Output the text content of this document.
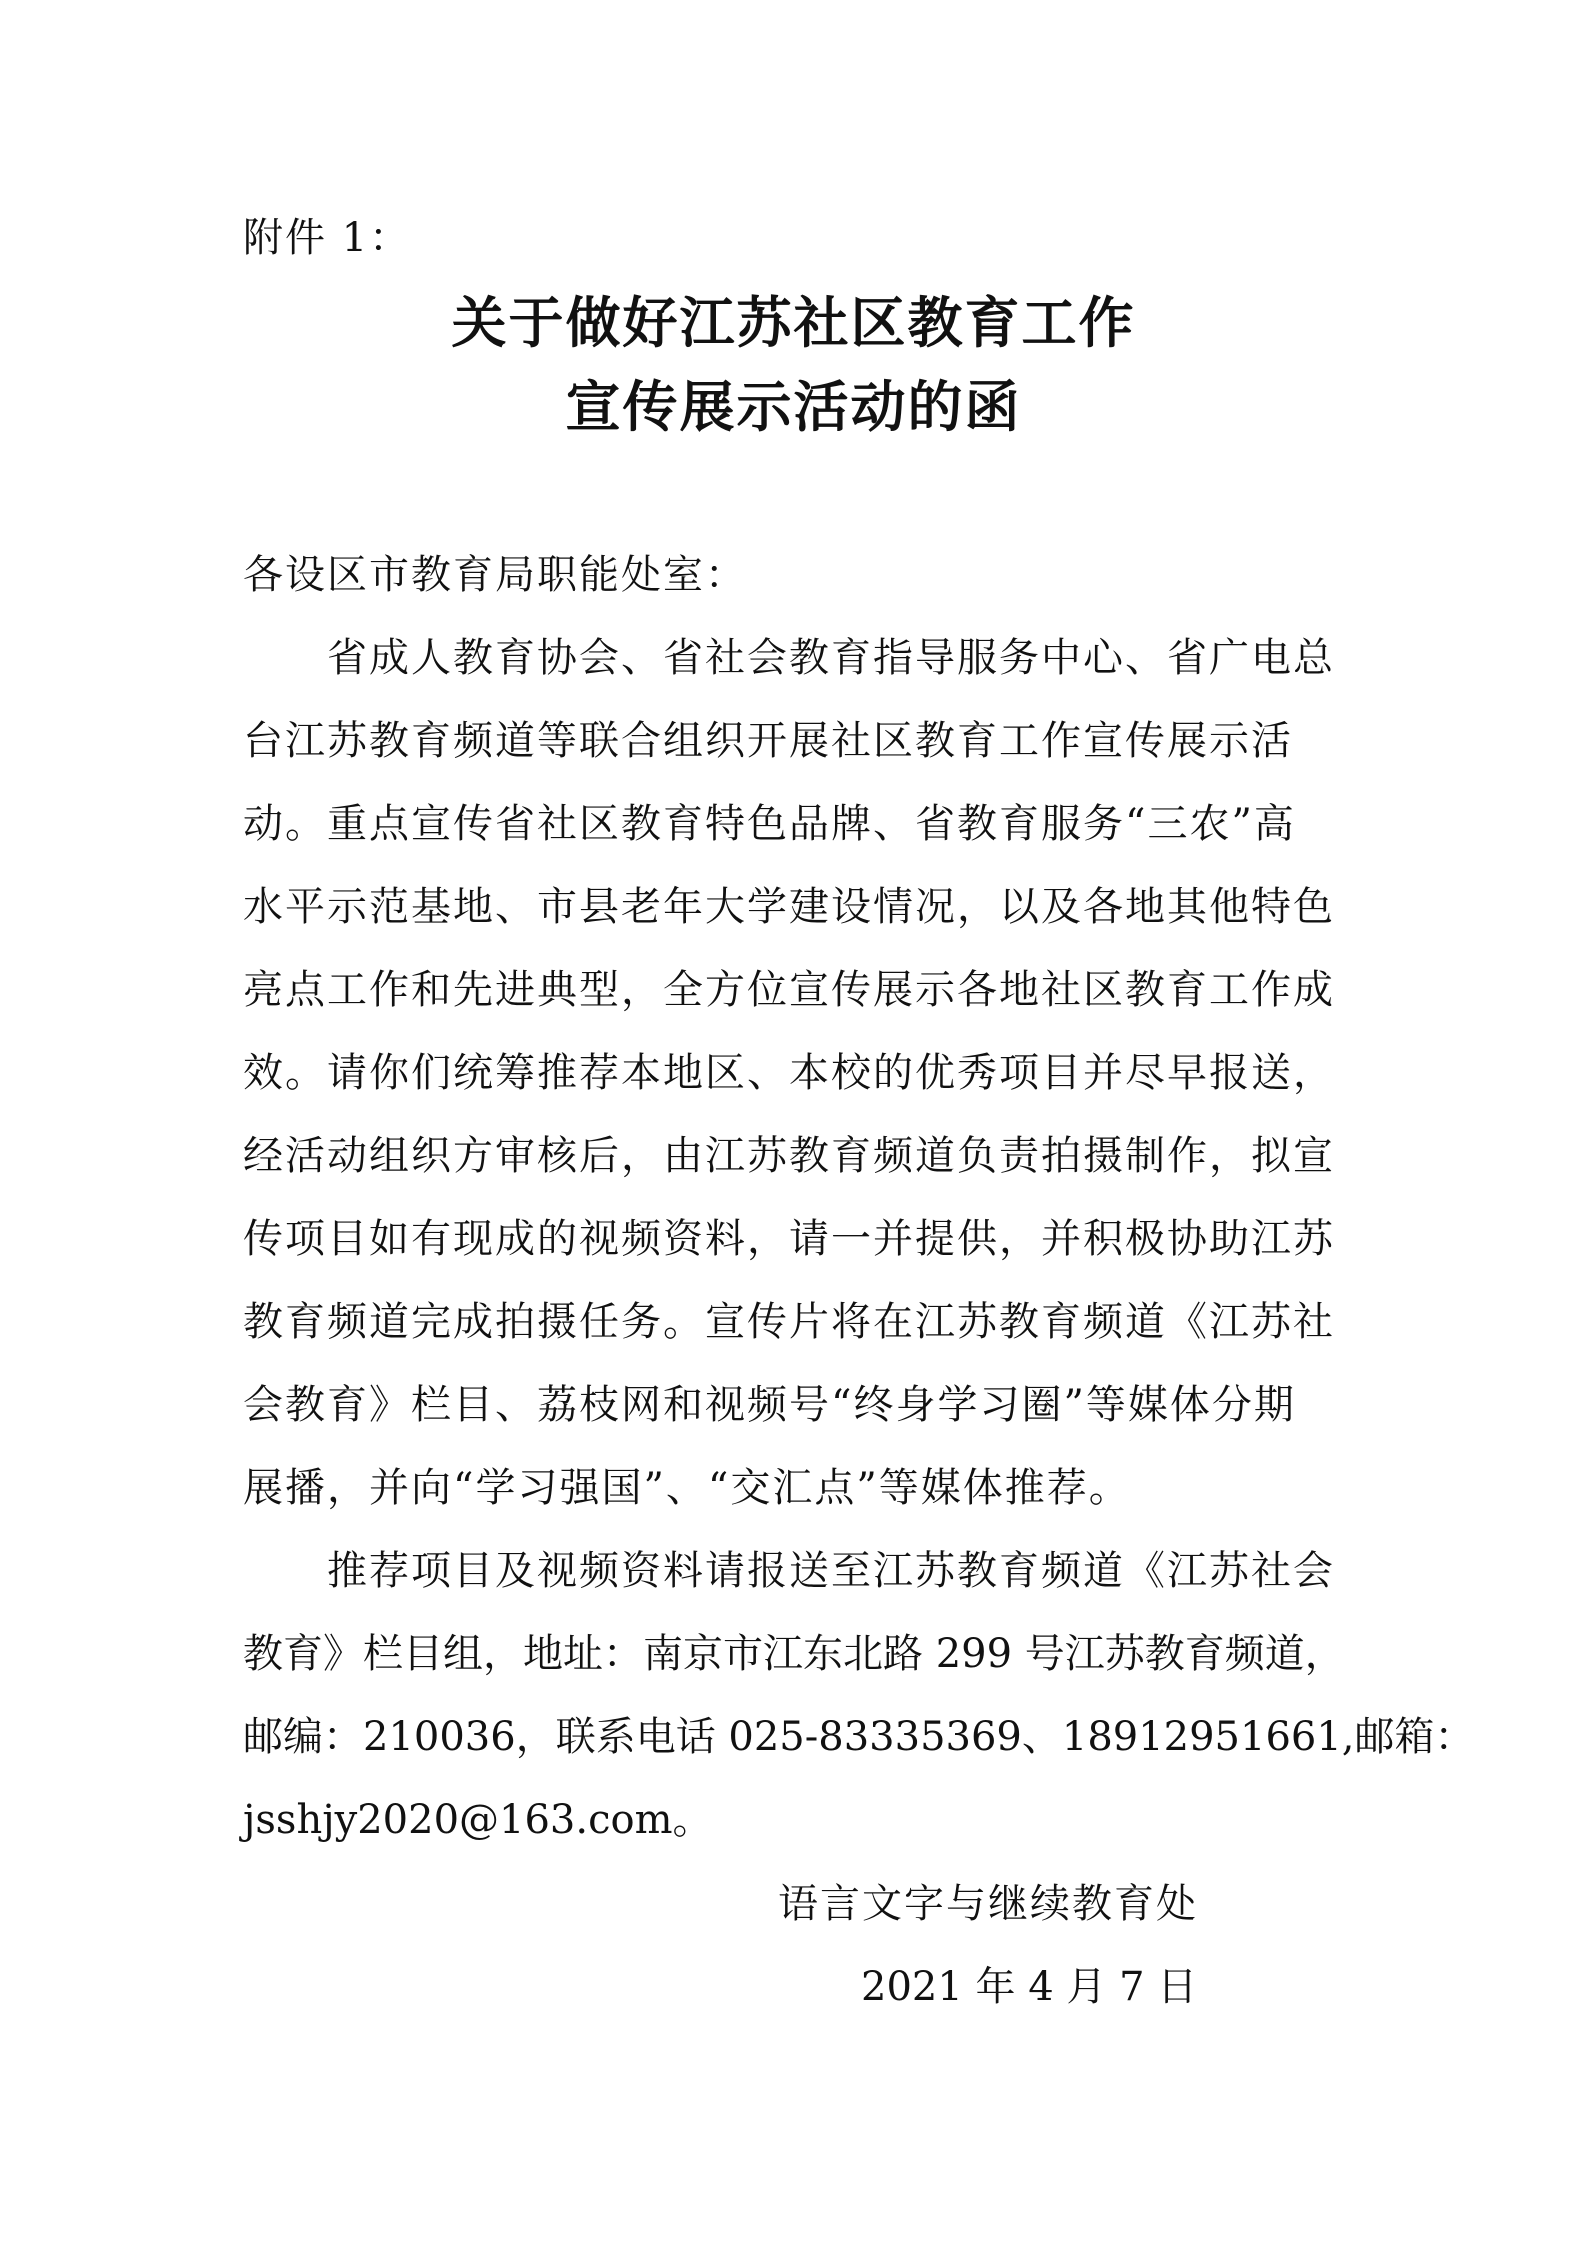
附件 1：
关于做好江苏社区教育工作
宣传展示活动的函
各设区市教育局职能处室：
省成人教育协会、省社会教育指导服务中心、省广电总
台江苏教育频道等联合组织开展社区教育工作宣传展示活
动。重点宣传省社区教育特色品牌、省教育服务“三农”高
水平示范基地、市县老年大学建设情况，以及各地其他特色
亮点工作和先进典型，全方位宣传展示各地社区教育工作成
效。请你们统筹推荐本地区、本校的优秀项目并尽早报送，
经活动组织方审核后，由江苏教育频道负责拍摄制作，拟宣
传项目如有现成的视频资料，请一并提供，并积极协助江苏
教育频道完成拍摄任务。宣传片将在江苏教育频道《江苏社
会教育》栏目、荔枝网和视频号“终身学习圈”等媒体分期
展播，并向“学习强国”、“交汇点”等媒体推荐。
推荐项目及视频资料请报送至江苏教育频道《江苏社会
教育》栏目组，地址：南京市江东北路 299 号江苏教育频道，
邮编：210036，联系电话 025-83335369、18912951661,邮箱：
jsshjy2020@163.com。
语言文字与继续教育处
2021 年 4 月 7 日
